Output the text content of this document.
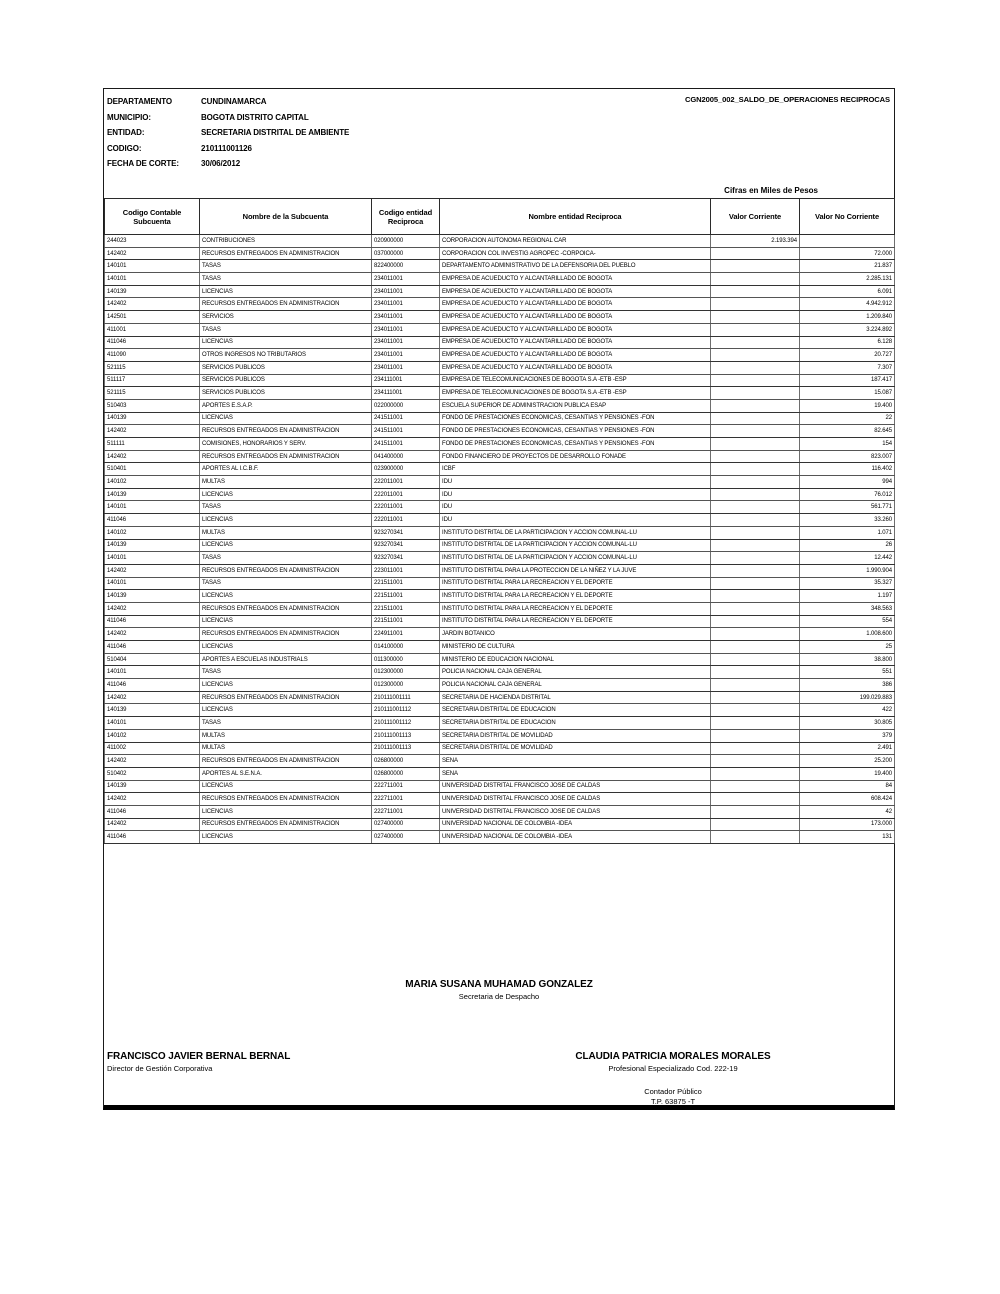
DEPARTAMENTO	CUNDINAMARCA
MUNICIPIO:	BOGOTA DISTRITO CAPITAL
ENTIDAD:	SECRETARIA DISTRITAL DE AMBIENTE
CODIGO:	210111001126
FECHA DE CORTE:	30/06/2012
CGN2005_002_SALDO_DE_OPERACIONES RECIPROCAS
Cifras en Miles de Pesos
Codigo Contable Subcuenta	Nombre de la Subcuenta	Codigo entidad Reciproca	Nombre entidad Reciproca	Valor Corriente	Valor No Corriente
244023	CONTRIBUCIONES	020900000	CORPORACION AUTONOMA REGIONAL CAR	2.193.394	
142402	RECURSOS ENTREGADOS EN ADMINISTRACION	037000000	CORPORACION COL INVESTIG AGROPEC -CORPOICA-		72.000
140101	TASAS	822400000	DEPARTAMENTO ADMINISTRATIVO DE LA DEFENSORIA DEL PUEBLO		21.837
140101	TASAS	234011001	EMPRESA DE ACUEDUCTO Y ALCANTARILLADO DE BOGOTA		2.285.131
140139	LICENCIAS	234011001	EMPRESA DE ACUEDUCTO Y ALCANTARILLADO DE BOGOTA		6.091
142402	RECURSOS ENTREGADOS EN ADMINISTRACION	234011001	EMPRESA DE ACUEDUCTO Y ALCANTARILLADO DE BOGOTA		4.942.912
142501	SERVICIOS	234011001	EMPRESA DE ACUEDUCTO Y ALCANTARILLADO DE BOGOTA		1.209.840
411001	TASAS	234011001	EMPRESA DE ACUEDUCTO Y ALCANTARILLADO DE BOGOTA		3.224.892
411046	LICENCIAS	234011001	EMPRESA DE ACUEDUCTO Y ALCANTARILLADO DE BOGOTA		6.128
411090	OTROS INGRESOS NO TRIBUTARIOS	234011001	EMPRESA DE ACUEDUCTO Y ALCANTARILLADO DE BOGOTA		20.727
521115	SERVICIOS PUBLICOS	234011001	EMPRESA DE ACUEDUCTO Y ALCANTARILLADO DE BOGOTA		7.307
511117	SERVICIOS PUBLICOS	234111001	EMPRESA DE TELECOMUNICACIONES DE BOGOTA S.A -ETB -ESP		187.417
521115	SERVICIOS PUBLICOS	234111001	EMPRESA DE TELECOMUNICACIONES DE BOGOTA S.A -ETB -ESP		15.087
510403	APORTES E.S.A.P.	022000000	ESCUELA SUPERIOR DE ADMINISTRACION PUBLICA ESAP		19.400
140139	LICENCIAS	241511001	FONDO DE PRESTACIONES ECONOMICAS, CESANTIAS Y PENSIONES -FON		22
142402	RECURSOS ENTREGADOS EN ADMINISTRACION	241511001	FONDO DE PRESTACIONES ECONOMICAS, CESANTIAS Y PENSIONES -FON		82.645
511111	COMISIONES, HONORARIOS Y SERV.	241511001	FONDO DE PRESTACIONES ECONOMICAS, CESANTIAS Y PENSIONES -FON		154
142402	RECURSOS ENTREGADOS EN ADMINISTRACION	041400000	FONDO FINANCIERO DE PROYECTOS DE DESARROLLO FONADE		823.007
510401	APORTES AL I.C.B.F.	023900000	ICBF		116.402
140102	MULTAS	222011001	IDU		994
140139	LICENCIAS	222011001	IDU		76.012
140101	TASAS	222011001	IDU		561.771
411046	LICENCIAS	222011001	IDU		33.260
140102	MULTAS	923270341	INSTITUTO DISTRITAL DE LA PARTICIPACION Y ACCION COMUNAL-LU		1.071
140139	LICENCIAS	923270341	INSTITUTO DISTRITAL DE LA PARTICIPACION Y ACCION COMUNAL-LU		26
140101	TASAS	923270341	INSTITUTO DISTRITAL DE LA PARTICIPACION Y ACCION COMUNAL-LU		12.442
142402	RECURSOS ENTREGADOS EN ADMINISTRACION	223011001	INSTITUTO DISTRITAL PARA LA PROTECCION DE LA NIÑEZ Y LA JUVE		1.990.904
140101	TASAS	221511001	INSTITUTO DISTRITAL PARA LA RECREACION Y EL DEPORTE		35.327
140139	LICENCIAS	221511001	INSTITUTO DISTRITAL PARA LA RECREACION Y EL DEPORTE		1.197
142402	RECURSOS ENTREGADOS EN ADMINISTRACION	221511001	INSTITUTO DISTRITAL PARA LA RECREACION Y EL DEPORTE		348.563
411046	LICENCIAS	221511001	INSTITUTO DISTRITAL PARA LA RECREACION Y EL DEPORTE		554
142402	RECURSOS ENTREGADOS EN ADMINISTRACION	224911001	JARDIN BOTANICO		1.008.600
411046	LICENCIAS	014100000	MINISTERIO DE CULTURA		25
510404	APORTES A ESCUELAS INDUSTRIALS	011300000	MINISTERIO DE EDUCACION NACIONAL		38.800
140101	TASAS	012300000	POLICIA NACIONAL CAJA GENERAL		551
411046	LICENCIAS	012300000	POLICIA NACIONAL CAJA GENERAL		386
142402	RECURSOS ENTREGADOS EN ADMINISTRACION	210111001111	SECRETARIA DE HACIENDA DISTRITAL		199.029.883
140139	LICENCIAS	210111001112	SECRETARIA DISTRITAL DE EDUCACION		422
140101	TASAS	210111001112	SECRETARIA DISTRITAL DE EDUCACION		30.805
140102	MULTAS	210111001113	SECRETARIA DISTRITAL DE MOVILIDAD		379
411002	MULTAS	210111001113	SECRETARIA DISTRITAL DE MOVILIDAD		2.491
142402	RECURSOS ENTREGADOS EN ADMINISTRACION	026800000	SENA		25.200
510402	APORTES AL S.E.N.A.	026800000	SENA		19.400
140139	LICENCIAS	222711001	UNIVERSIDAD DISTRITAL FRANCISCO JOSE DE CALDAS		84
142402	RECURSOS ENTREGADOS EN ADMINISTRACION	222711001	UNIVERSIDAD DISTRITAL FRANCISCO JOSE DE CALDAS		608.424
411046	LICENCIAS	222711001	UNIVERSIDAD DISTRITAL FRANCISCO JOSE DE CALDAS		42
142402	RECURSOS ENTREGADOS EN ADMINISTRACION	027400000	UNIVERSIDAD NACIONAL DE COLOMBIA -IDEA		173.000
411046	LICENCIAS	027400000	UNIVERSIDAD NACIONAL DE COLOMBIA -IDEA		131
MARIA SUSANA MUHAMAD GONZALEZ
Secretaria de Despacho
FRANCISCO JAVIER BERNAL BERNAL
Director de Gestión Corporativa
CLAUDIA PATRICIA MORALES MORALES
Profesional Especializado Cod. 222-19
Contador Público
T.P. 63875 -T
